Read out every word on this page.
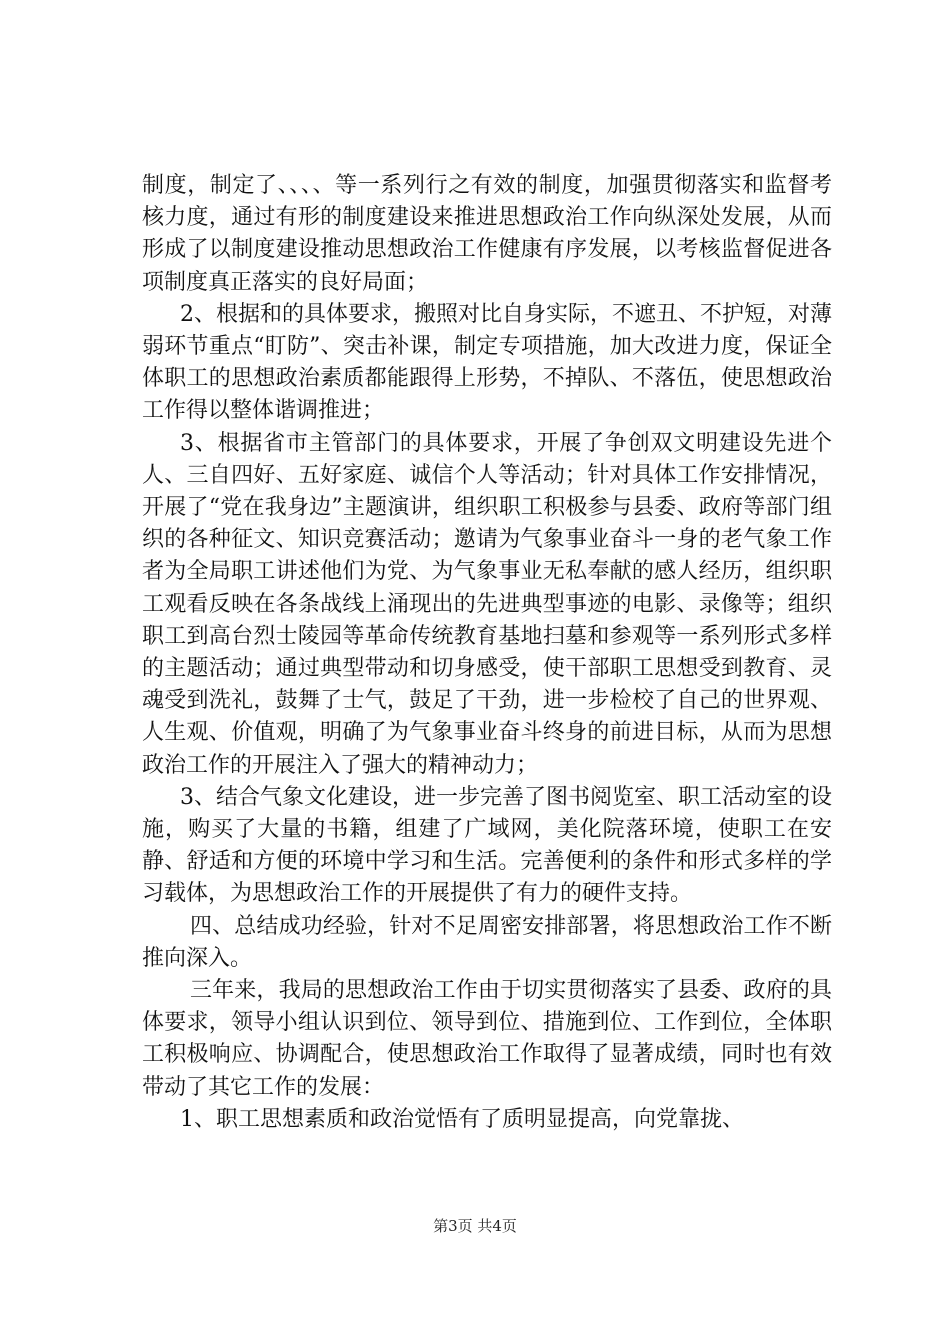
制度，制定了、、、、等一系列行之有效的制度，加强贯彻落实和监督考核力度，通过有形的制度建设来推进思想政治工作向纵深处发展，从而形成了以制度建设推动思想政治工作健康有序发展，以考核监督促进各项制度真正落实的良好局面；

2、根据和的具体要求，搬照对比自身实际，不遮丑、不护短，对薄弱环节重点“盯防”、突击补课，制定专项措施，加大改进力度，保证全体职工的思想政治素质都能跟得上形势，不掉队、不落伍，使思想政治工作得以整体谐调推进；

3、根据省市主管部门的具体要求，开展了争创双文明建设先进个人、三自四好、五好家庭、诚信个人等活动；针对具体工作安排情况，开展了“党在我身边”主题演讲，组织职工积极参与县委、政府等部门组织的各种征文、知识竞赛活动；邀请为气象事业奋斗一身的老气象工作者为全局职工讲述他们为党、为气象事业无私奉献的感人经历，组织职工观看反映在各条战线上涌现出的先进典型事迹的电影、录像等；组织职工到高台烈士陵园等革命传统教育基地扫墓和参观等一系列形式多样的主题活动；通过典型带动和切身感受，使干部职工思想受到教育、灵魂受到洗礼，鼓舞了士气，鼓足了干劲，进一步检校了自己的世界观、人生观、价值观，明确了为气象事业奋斗终身的前进目标，从而为思想政治工作的开展注入了强大的精神动力；

3、结合气象文化建设，进一步完善了图书阅览室、职工活动室的设施，购买了大量的书籍，组建了广域网，美化院落环境，使职工在安静、舒适和方便的环境中学习和生活。完善便利的条件和形式多样的学习载体，为思想政治工作的开展提供了有力的硬件支持。

四、总结成功经验，针对不足周密安排部署，将思想政治工作不断推向深入。

三年来，我局的思想政治工作由于切实贯彻落实了县委、政府的具体要求，领导小组认识到位、领导到位、措施到位、工作到位，全体职工积极响应、协调配合，使思想政治工作取得了显著成绩，同时也有效带动了其它工作的发展：

1、职工思想素质和政治觉悟有了质明显提高，向党靠拢、

第3页 共4页
